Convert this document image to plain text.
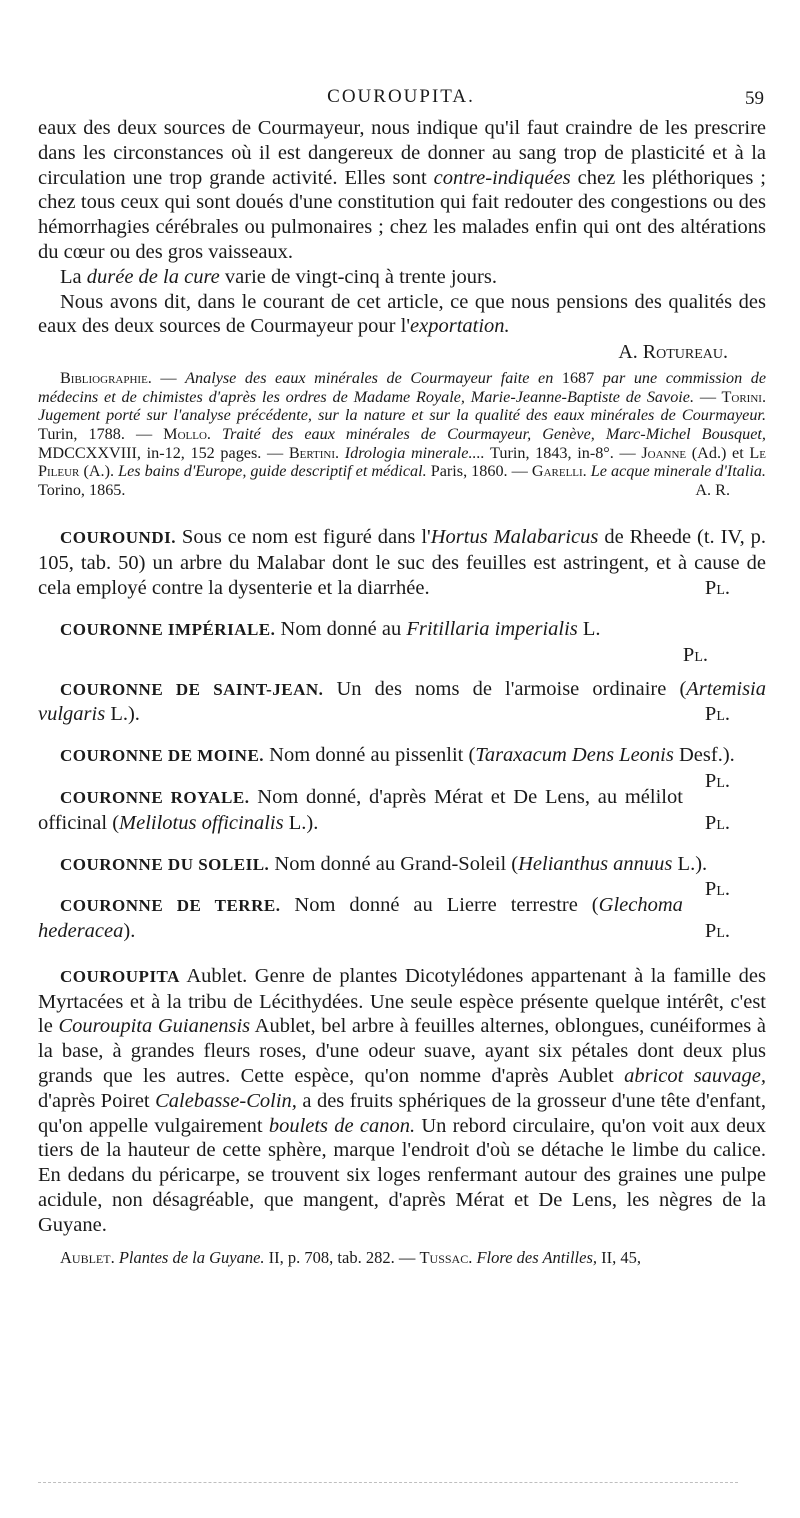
COUROUPITA.	59

eaux des deux sources de Courmayeur, nous indique qu'il faut craindre de les prescrire dans les circonstances où il est dangereux de donner au sang trop de plasticité et à la circulation une trop grande activité. Elles sont contre-indiquées chez les pléthoriques ; chez tous ceux qui sont doués d'une constitution qui fait redouter des congestions ou des hémorrhagies cérébrales ou pulmonaires ; chez les malades enfin qui ont des altérations du cœur ou des gros vaisseaux.

La durée de la cure varie de vingt-cinq à trente jours.

Nous avons dit, dans le courant de cet article, ce que nous pensions des qualités des eaux des deux sources de Courmayeur pour l'exportation.

A. Rotureau.

Bibliographie. — Analyse des eaux minérales de Courmayeur faite en 1687 par une commission de médecins et de chimistes d'après les ordres de Madame Royale, Marie-Jeanne-Baptiste de Savoie. — Torini. Jugement porté sur l'analyse précédente, sur la nature et sur la qualité des eaux minérales de Courmayeur. Turin, 1788. — Mollo. Traité des eaux minérales de Courmayeur, Genève, Marc-Michel Bousquet, MDCCXXVIII, in-12, 152 pages. — Bertini. Idrologia minerale.... Turin, 1843, in-8°. — Joanne (Ad.) et Le Pileur (A.). Les bains d'Europe, guide descriptif et médical. Paris, 1860. — Garelli. Le acque minerale d'Italia. Torino, 1865.	A. R.

COUROUNDI. Sous ce nom est figuré dans l'Hortus Malabaricus de Rheede (t. IV, p. 105, tab. 50) un arbre du Malabar dont le suc des feuilles est astringent, et à cause de cela employé contre la dysenterie et la diarrhée.	Pl.

COURONNE IMPÉRIALE. Nom donné au Fritillaria imperialis L.

Pl.

COURONNE DE SAINT-JEAN. Un des noms de l'armoise ordinaire (Artemisia vulgaris L.).	Pl.

COURONNE DE MOINE. Nom donné au pissenlit (Taraxacum Dens Leonis Desf.).
Pl.

COURONNE ROYALE. Nom donné, d'après Mérat et De Lens, au mélilot officinal (Melilotus officinalis L.).	Pl.

COURONNE DU SOLEIL. Nom donné au Grand-Soleil (Helianthus annuus L.).
Pl.

COURONNE DE TERRE. Nom donné au Lierre terrestre (Glechoma hederacea).	Pl.

COUROUPITA Aublet. Genre de plantes Dicotylédones appartenant à la famille des Myrtacées et à la tribu de Lécithydées. Une seule espèce présente quelque intérêt, c'est le Couroupita Guianensis Aublet, bel arbre à feuilles alternes, oblongues, cunéiformes à la base, à grandes fleurs roses, d'une odeur suave, ayant six pétales dont deux plus grands que les autres. Cette espèce, qu'on nomme d'après Aublet abricot sauvage, d'après Poiret Calebasse-Colin, a des fruits sphériques de la grosseur d'une tête d'enfant, qu'on appelle vulgairement boulets de canon. Un rebord circulaire, qu'on voit aux deux tiers de la hauteur de cette sphère, marque l'endroit d'où se détache le limbe du calice. En dedans du péricarpe, se trouvent six loges renfermant autour des graines une pulpe acidule, non désagréable, que mangent, d'après Mérat et De Lens, les nègres de la Guyane.

Aublet. Plantes de la Guyane. II, p. 708, tab. 282. — Tussac. Flore des Antilles, II, 45,
